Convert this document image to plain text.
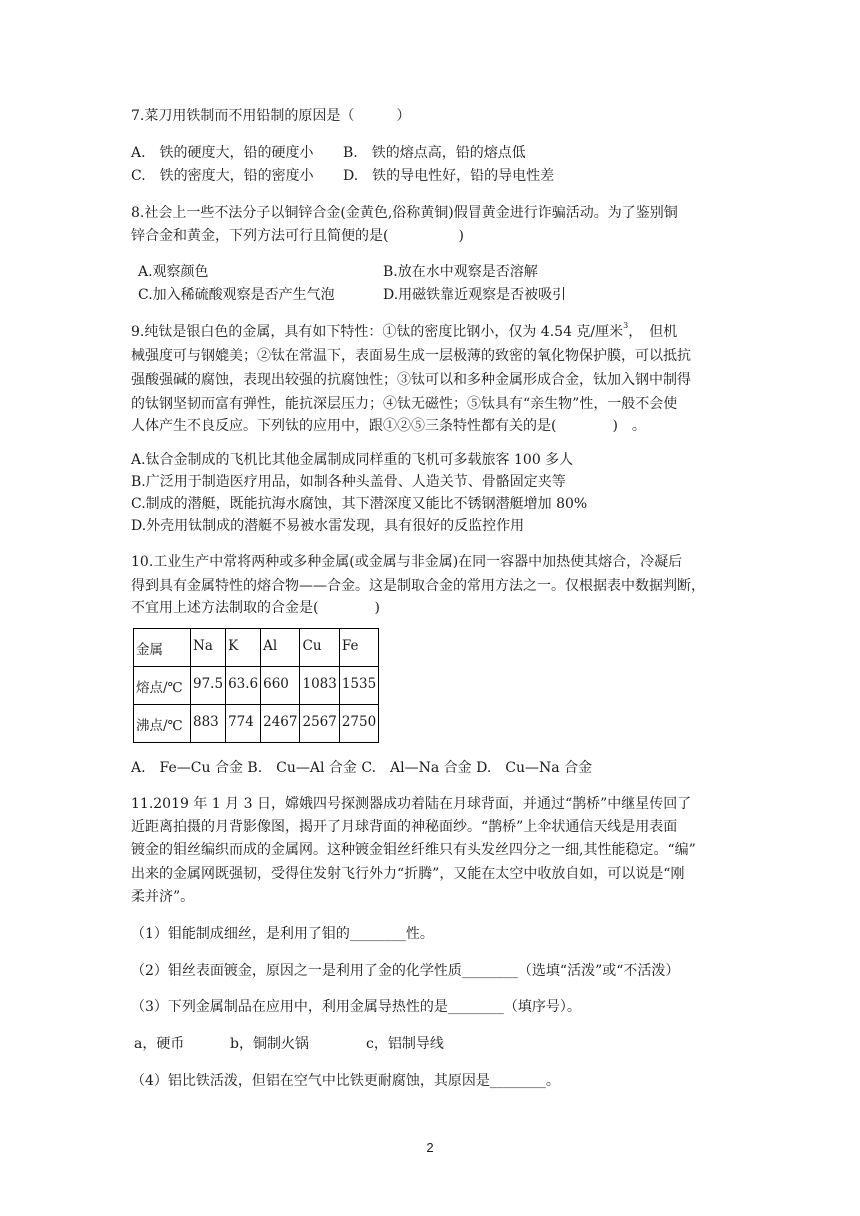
7.菜刀用铁制而不用铅制的原因是（　　　）
A.　铁的硬度大，铅的硬度小 B.　铁的熔点高，铅的熔点低
C.　铁的密度大，铅的密度小 D.　铁的导电性好，铅的导电性差
8.社会上一些不法分子以铜锌合金(金黄色,俗称黄铜)假冒黄金进行诈骗活动。为了鉴别铜
锌合金和黄金，下列方法可行且简便的是(　　　　　)
A.观察颜色	B.放在水中观察是否溶解
C.加入稀硫酸观察是否产生气泡	D.用磁铁靠近观察是否被吸引
9.纯钛是银白色的金属，具有如下特性：①钛的密度比钢小，仅为 4.54 克/厘米$^3$，　但机
械强度可与钢媲美；②钛在常温下，表面易生成一层极薄的致密的氧化物保护膜，可以抵抗
强酸强碱的腐蚀，表现出较强的抗腐蚀性；③钛可以和多种金属形成合金，钛加入钢中制得
的钛钢坚韧而富有弹性，能抗深层压力；④钛无磁性；⑤钛具有“亲生物”性，一般不会使
人体产生不良反应。下列钛的应用中，跟①②⑤三条特性都有关的是(　　　　)　。
A.钛合金制成的飞机比其他金属制成同样重的飞机可多载旅客 100 多人
B.广泛用于制造医疗用品，如制各种头盖骨、人造关节、骨骼固定夹等
C.制成的潜艇，既能抗海水腐蚀，其下潜深度又能比不锈钢潜艇增加 80%
D.外壳用钛制成的潜艇不易被水雷发现，具有很好的反监控作用
10.工业生产中常将两种或多种金属(或金属与非金属)在同一容器中加热使其熔合，冷凝后
得到具有金属特性的熔合物——合金。这是制取合金的常用方法之一。仅根据表中数据判断，
不宜用上述方法制取的合金是(　　　　)
金属	Na	K	Al	Cu	Fe
熔点/℃	97.5	63.6	660	1083	1535
沸点/℃	883	774	2467	2567	2750
A.　Fe—Cu 合金 B.　Cu—Al 合金 C.　Al—Na 合金 D.　Cu—Na 合金
11.2019 年 1 月 3 日，嫦娥四号探测器成功着陆在月球背面，并通过“鹊桥”中继星传回了
近距离拍摄的月背影像图，揭开了月球背面的神秘面纱。“鹊桥”上伞状通信天线是用表面
镀金的钼丝编织而成的金属网。这种镀金钼丝纤维只有头发丝四分之一细,其性能稳定。“编”
出来的金属网既强韧，受得住发射飞行外力“折腾”，又能在太空中收放自如，可以说是“刚
柔并济”。
（1）钼能制成细丝，是利用了钼的________性。
（2）钼丝表面镀金，原因之一是利用了金的化学性质________（选填“活泼”或“不活泼）
（3）下列金属制品在应用中，利用金属导热性的是________（填序号）。
a，硬币	b，铜制火锅	c，铝制导线
（4）铝比铁活泼，但铝在空气中比铁更耐腐蚀，其原因是________。
2
